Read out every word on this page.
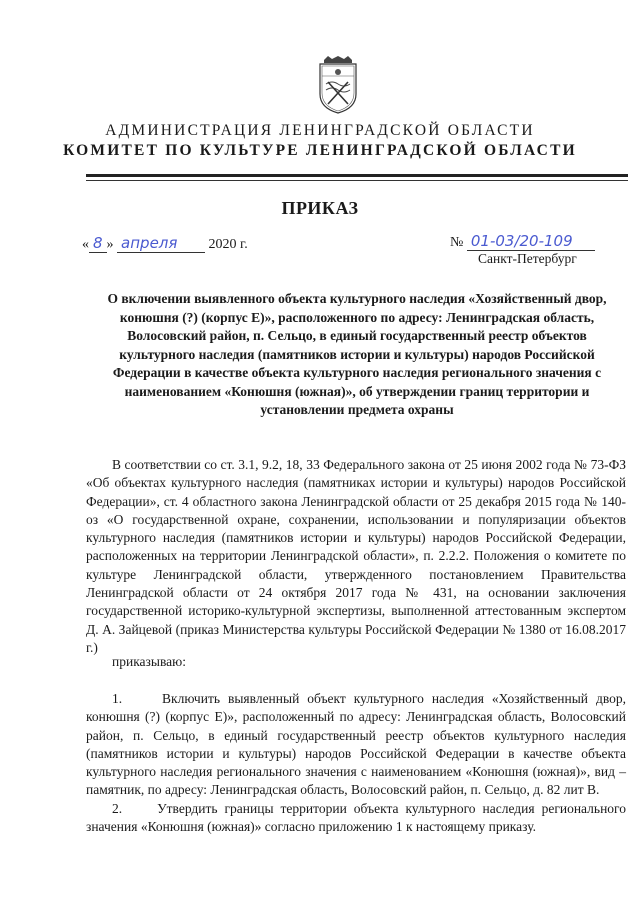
АДМИНИСТРАЦИЯ ЛЕНИНГРАДСКОЙ ОБЛАСТИ
КОМИТЕТ ПО КУЛЬТУРЕ ЛЕНИНГРАДСКОЙ ОБЛАСТИ
ПРИКАЗ
« 8 » апреля 2020 г.	№ 01-03/20-109
Санкт-Петербург
О включении выявленного объекта культурного наследия «Хозяйственный двор, конюшня (?) (корпус Е)», расположенного по адресу: Ленинградская область, Волосовский район, п. Сельцо, в единый государственный реестр объектов культурного наследия (памятников истории и культуры) народов Российской Федерации в качестве объекта культурного наследия регионального значения с наименованием «Конюшня (южная)», об утверждении границ территории и установлении предмета охраны
В соответствии со ст. 3.1, 9.2, 18, 33 Федерального закона от 25 июня 2002 года № 73-ФЗ «Об объектах культурного наследия (памятниках истории и культуры) народов Российской Федерации», ст. 4 областного закона Ленинградской области от 25 декабря 2015 года № 140-оз «О государственной охране, сохранении, использовании и популяризации объектов культурного наследия (памятников истории и культуры) народов Российской Федерации, расположенных на территории Ленинградской области», п. 2.2.2. Положения о комитете по культуре Ленинградской области, утвержденного постановлением Правительства Ленинградской области от 24 октября 2017 года № 431, на основании заключения государственной историко-культурной экспертизы, выполненной аттестованным экспертом Д. А. Зайцевой (приказ Министерства культуры Российской Федерации № 1380 от 16.08.2017 г.)
приказываю:
1.     Включить выявленный объект культурного наследия «Хозяйственный двор, конюшня (?) (корпус Е)», расположенный по адресу: Ленинградская область, Волосовский район, п. Сельцо, в единый государственный реестр объектов культурного наследия (памятников истории и культуры) народов Российской Федерации в качестве объекта культурного наследия регионального значения с наименованием «Конюшня (южная)», вид – памятник, по адресу: Ленинградская область, Волосовский район, п. Сельцо, д. 82 лит В.
2.     Утвердить границы территории объекта культурного наследия регионального значения «Конюшня (южная)» согласно приложению 1 к настоящему приказу.
